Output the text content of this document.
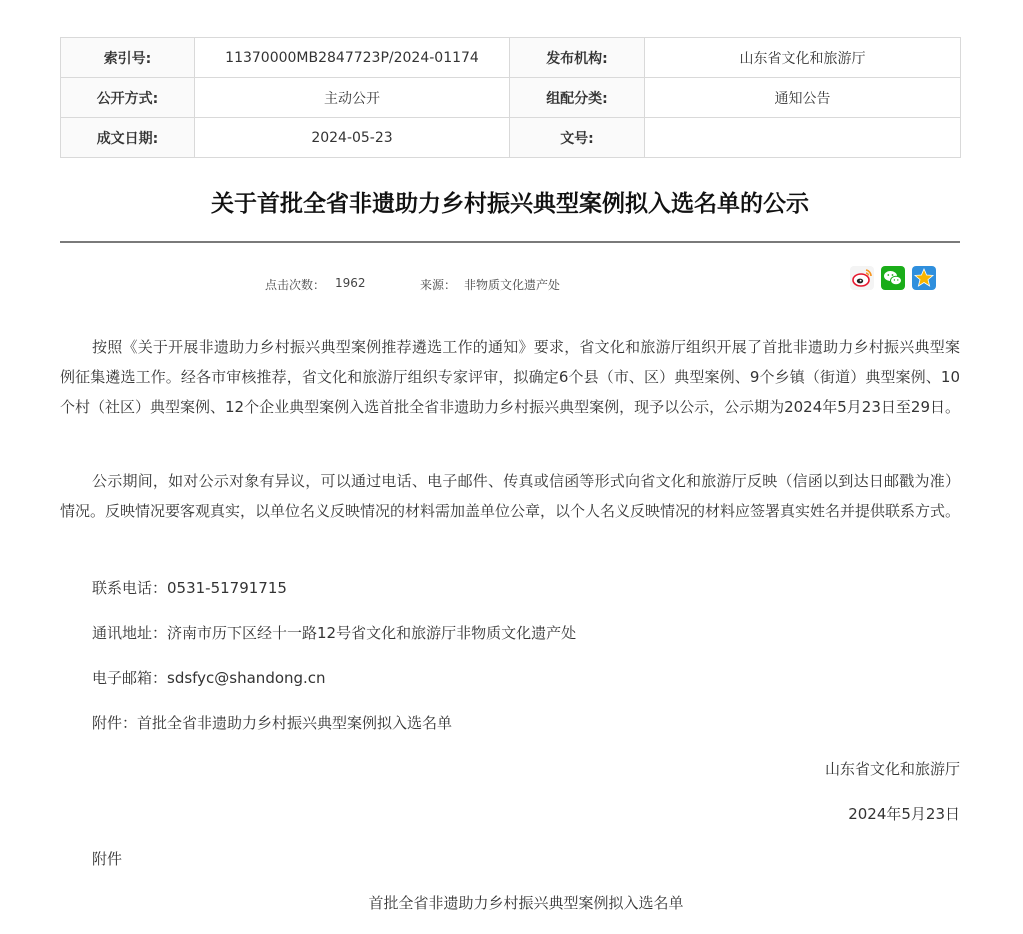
索引号:	11370000MB2847723P/2024-01174	发布机构:	山东省文化和旅游厅
公开方式:	主动公开	组配分类:	通知公告
成文日期:	2024-05-23	文号:	
关于首批全省非遗助力乡村振兴典型案例拟入选名单的公示
点击次数： 1962	来源： 非物质文化遗产处

按照《关于开展非遗助力乡村振兴典型案例推荐遴选工作的通知》要求，省文化和旅游厅组织开展了首批非遗助力乡村振兴典型案例征集遴选工作。经各市审核推荐，省文化和旅游厅组织专家评审，拟确定6个县（市、区）典型案例、9个乡镇（街道）典型案例、10个村（社区）典型案例、12个企业典型案例入选首批全省非遗助力乡村振兴典型案例，现予以公示，公示期为2024年5月23日至29日。

公示期间，如对公示对象有异议，可以通过电话、电子邮件、传真或信函等形式向省文化和旅游厅反映（信函以到达日邮戳为准）情况。反映情况要客观真实，以单位名义反映情况的材料需加盖单位公章，以个人名义反映情况的材料应签署真实姓名并提供联系方式。

联系电话：0531-51791715

通讯地址：济南市历下区经十一路12号省文化和旅游厅非物质文化遗产处

电子邮箱：sdsfyc@shandong.cn

附件：首批全省非遗助力乡村振兴典型案例拟入选名单

山东省文化和旅游厅

2024年5月23日

附件

首批全省非遗助力乡村振兴典型案例拟入选名单
